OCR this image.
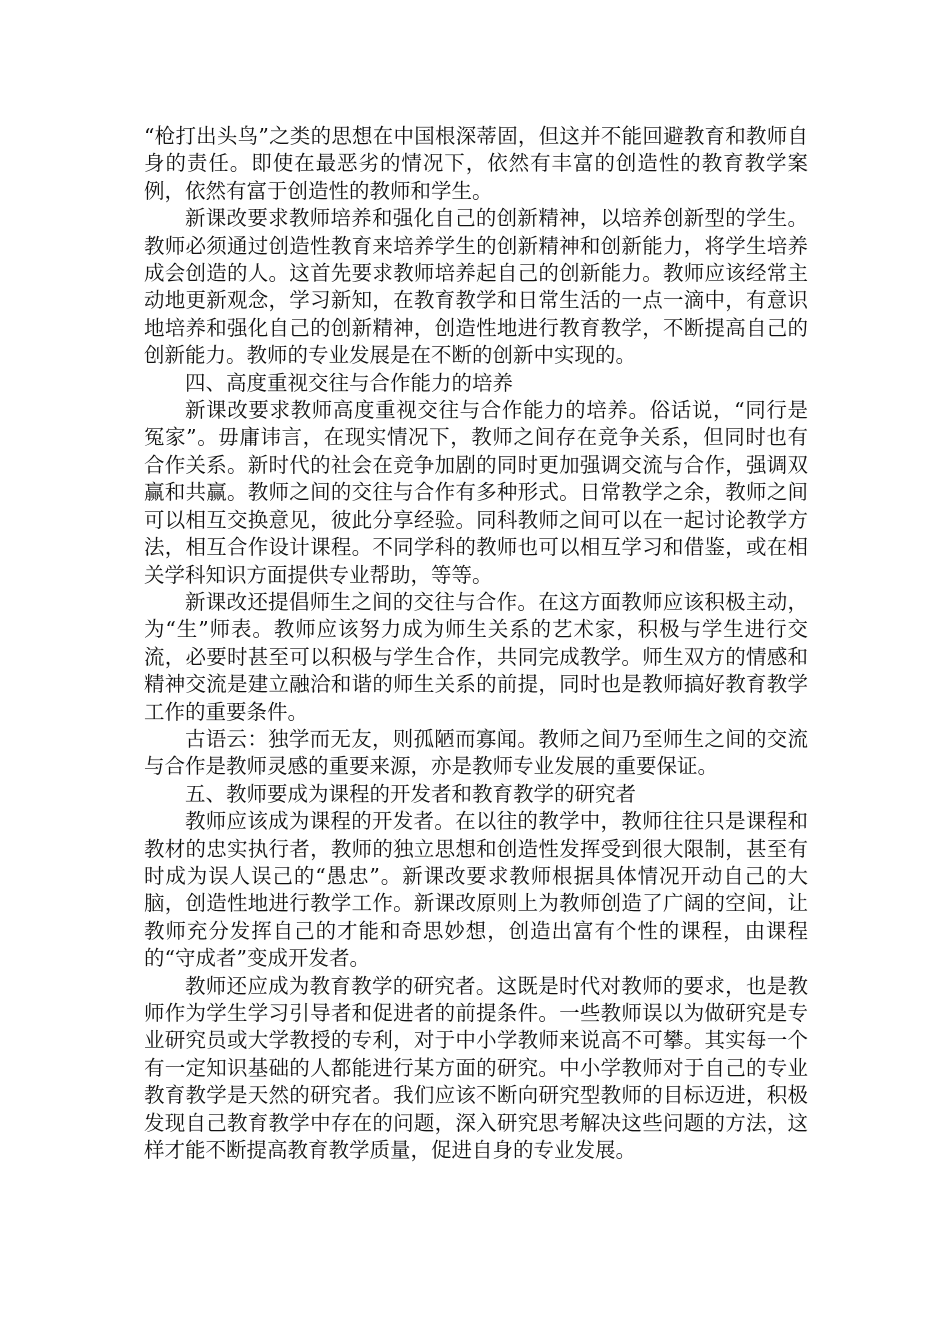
“枪打出头鸟”之类的思想在中国根深蒂固，但这并不能回避教育和教师自身的责任。即使在最恶劣的情况下，依然有丰富的创造性的教育教学案例，依然有富于创造性的教师和学生。

新课改要求教师培养和强化自己的创新精神，以培养创新型的学生。教师必须通过创造性教育来培养学生的创新精神和创新能力，将学生培养成会创造的人。这首先要求教师培养起自己的创新能力。教师应该经常主动地更新观念，学习新知，在教育教学和日常生活的一点一滴中，有意识地培养和强化自己的创新精神，创造性地进行教育教学，不断提高自己的创新能力。教师的专业发展是在不断的创新中实现的。

四、高度重视交往与合作能力的培养

新课改要求教师高度重视交往与合作能力的培养。俗话说，“同行是冤家”。毋庸讳言，在现实情况下，教师之间存在竞争关系，但同时也有合作关系。新时代的社会在竞争加剧的同时更加强调交流与合作，强调双赢和共赢。教师之间的交往与合作有多种形式。日常教学之余，教师之间可以相互交换意见，彼此分享经验。同科教师之间可以在一起讨论教学方法，相互合作设计课程。不同学科的教师也可以相互学习和借鉴，或在相关学科知识方面提供专业帮助，等等。

新课改还提倡师生之间的交往与合作。在这方面教师应该积极主动，为“生”师表。教师应该努力成为师生关系的艺术家，积极与学生进行交流，必要时甚至可以积极与学生合作，共同完成教学。师生双方的情感和精神交流是建立融洽和谐的师生关系的前提，同时也是教师搞好教育教学工作的重要条件。

古语云：独学而无友，则孤陋而寡闻。教师之间乃至师生之间的交流与合作是教师灵感的重要来源，亦是教师专业发展的重要保证。

五、教师要成为课程的开发者和教育教学的研究者

教师应该成为课程的开发者。在以往的教学中，教师往往只是课程和教材的忠实执行者，教师的独立思想和创造性发挥受到很大限制，甚至有时成为误人误己的“愚忠”。新课改要求教师根据具体情况开动自己的大脑，创造性地进行教学工作。新课改原则上为教师创造了广阔的空间，让教师充分发挥自己的才能和奇思妙想，创造出富有个性的课程，由课程的“守成者”变成开发者。

教师还应成为教育教学的研究者。这既是时代对教师的要求，也是教师作为学生学习引导者和促进者的前提条件。一些教师误以为做研究是专业研究员或大学教授的专利，对于中小学教师来说高不可攀。其实每一个有一定知识基础的人都能进行某方面的研究。中小学教师对于自己的专业教育教学是天然的研究者。我们应该不断向研究型教师的目标迈进，积极发现自己教育教学中存在的问题，深入研究思考解决这些问题的方法，这样才能不断提高教育教学质量，促进自身的专业发展。
